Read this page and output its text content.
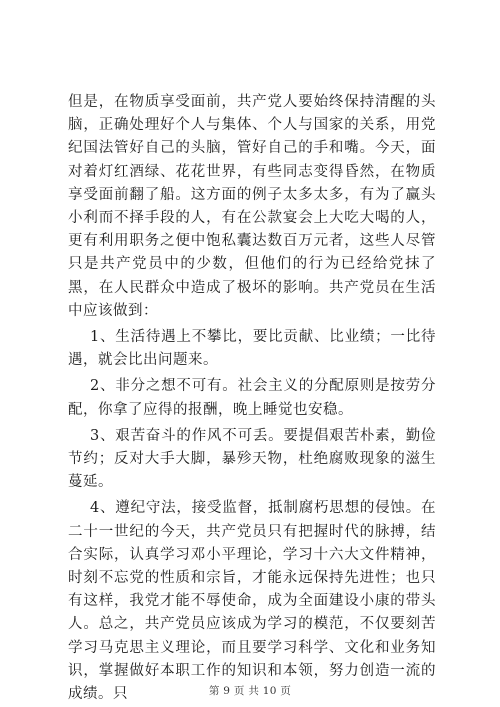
但是，在物质享受面前，共产党人要始终保持清醒的头脑，正确处理好个人与集体、个人与国家的关系，用党纪国法管好自己的头脑，管好自己的手和嘴。今天，面对着灯红酒绿、花花世界，有些同志变得昏然，在物质享受面前翻了船。这方面的例子太多太多，有为了赢头小利而不择手段的人，有在公款宴会上大吃大喝的人，更有利用职务之便中饱私囊达数百万元者，这些人尽管只是共产党员中的少数，但他们的行为已经给党抹了黑，在人民群众中造成了极坏的影响。共产党员在生活中应该做到：

1、生活待遇上不攀比，要比贡献、比业绩；一比待遇，就会比出问题来。

2、非分之想不可有。社会主义的分配原则是按劳分配，你拿了应得的报酬，晚上睡觉也安稳。

3、艰苦奋斗的作风不可丢。要提倡艰苦朴素，勤俭节约；反对大手大脚，暴殄天物，杜绝腐败现象的滋生蔓延。

4、遵纪守法，接受监督，抵制腐朽思想的侵蚀。在二十一世纪的今天，共产党员只有把握时代的脉搏，结合实际，认真学习邓小平理论，学习十六大文件精神，时刻不忘党的性质和宗旨，才能永远保持先进性；也只有这样，我党才能不辱使命，成为全面建设小康的带头人。总之，共产党员应该成为学习的模范，不仅要刻苦学习马克思主义理论，而且要学习科学、文化和业务知识，掌握做好本职工作的知识和本领，努力创造一流的成绩。只	第 9 页 共 10 页
